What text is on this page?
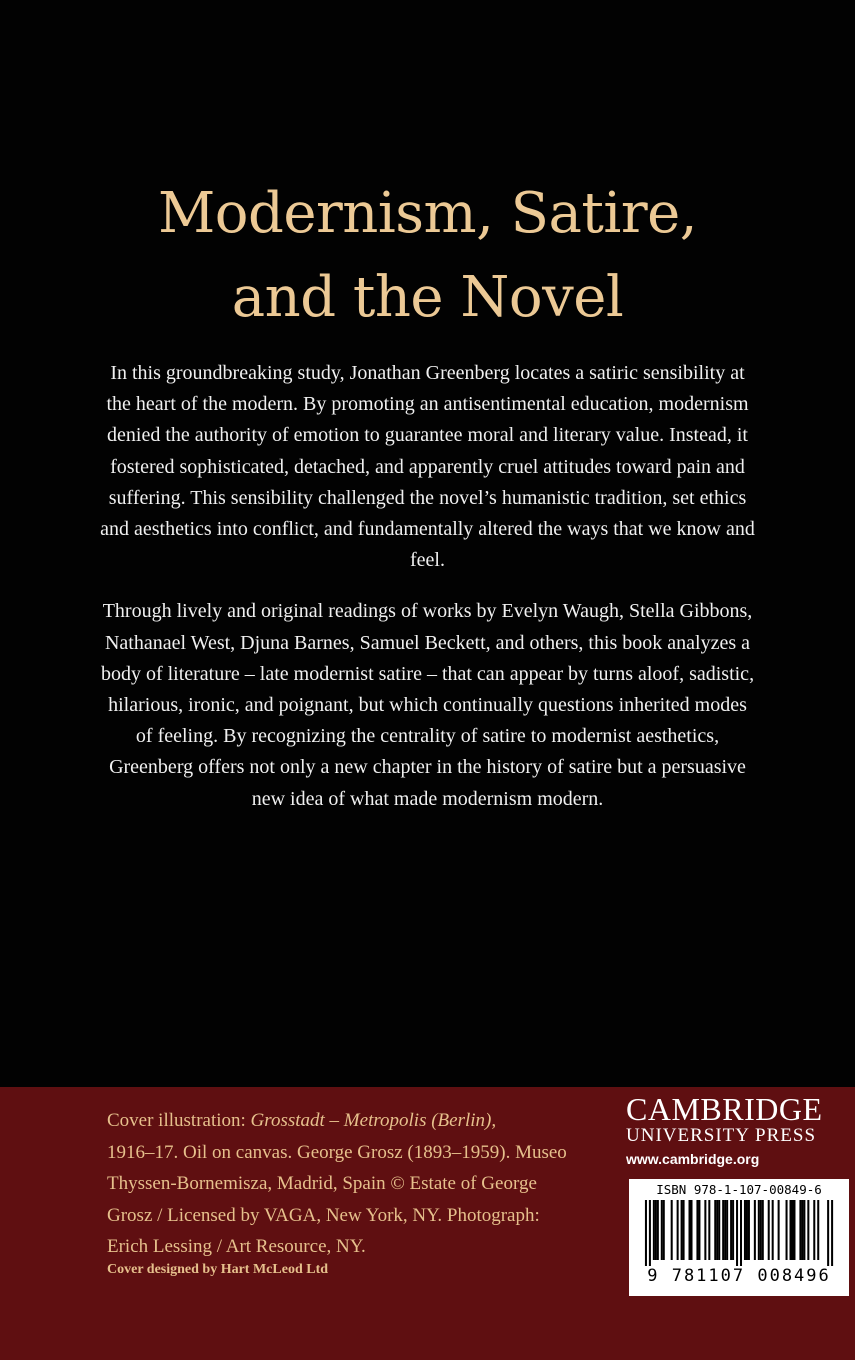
Modernism, Satire,
and the Novel

In this groundbreaking study, Jonathan Greenberg locates a satiric sensibility at the heart of the modern. By promoting an antisentimental education, modernism denied the authority of emotion to guarantee moral and literary value. Instead, it fostered sophisticated, detached, and apparently cruel attitudes toward pain and suffering. This sensibility challenged the novel’s humanistic tradition, set ethics and aesthetics into conflict, and fundamentally altered the ways that we know and feel.

Through lively and original readings of works by Evelyn Waugh, Stella Gibbons, Nathanael West, Djuna Barnes, Samuel Beckett, and others, this book analyzes a body of literature – late modernist satire – that can appear by turns aloof, sadistic, hilarious, ironic, and poignant, but which continually questions inherited modes of feeling. By recognizing the centrality of satire to modernist aesthetics, Greenberg offers not only a new chapter in the history of satire but a persuasive new idea of what made modernism modern.

Cover illustration: Grosstadt – Metropolis (Berlin),
1916–17. Oil on canvas. George Grosz (1893–1959). Museo
Thyssen-Bornemisza, Madrid, Spain © Estate of George
Grosz / Licensed by VAGA, New York, NY. Photograph:
Erich Lessing / Art Resource, NY.
Cover designed by Hart McLeod Ltd
CAMBRIDGE
UNIVERSITY PRESS
www.cambridge.org
ISBN 978-1-107-00849-6
9 781107 008496
